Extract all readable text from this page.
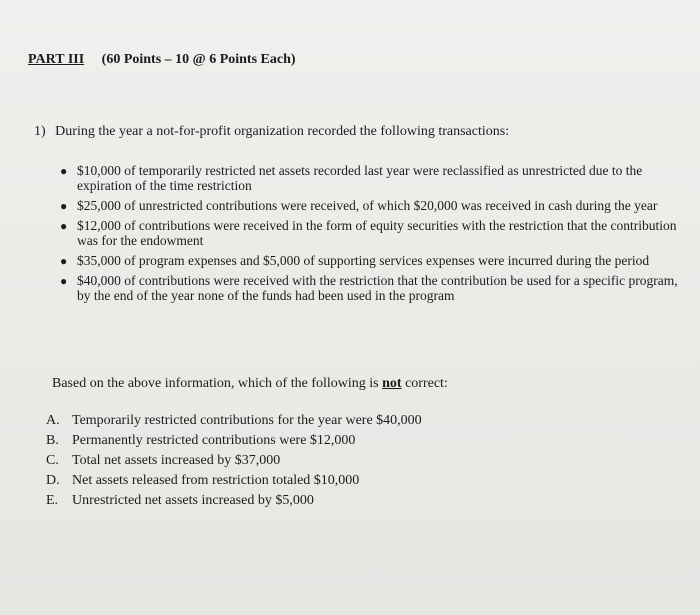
PART III (60 Points – 10 @ 6 Points Each)
1) During the year a not-for-profit organization recorded the following transactions:
● $10,000 of temporarily restricted net assets recorded last year were reclassified as unrestricted due to the expiration of the time restriction
● $25,000 of unrestricted contributions were received, of which $20,000 was received in cash during the year
● $12,000 of contributions were received in the form of equity securities with the restriction that the contribution was for the endowment
● $35,000 of program expenses and $5,000 of supporting services expenses were incurred during the period
● $40,000 of contributions were received with the restriction that the contribution be used for a specific program, by the end of the year none of the funds had been used in the program
Based on the above information, which of the following is not correct:
A. Temporarily restricted contributions for the year were $40,000
B. Permanently restricted contributions were $12,000
C. Total net assets increased by $37,000
D. Net assets released from restriction totaled $10,000
E. Unrestricted net assets increased by $5,000
